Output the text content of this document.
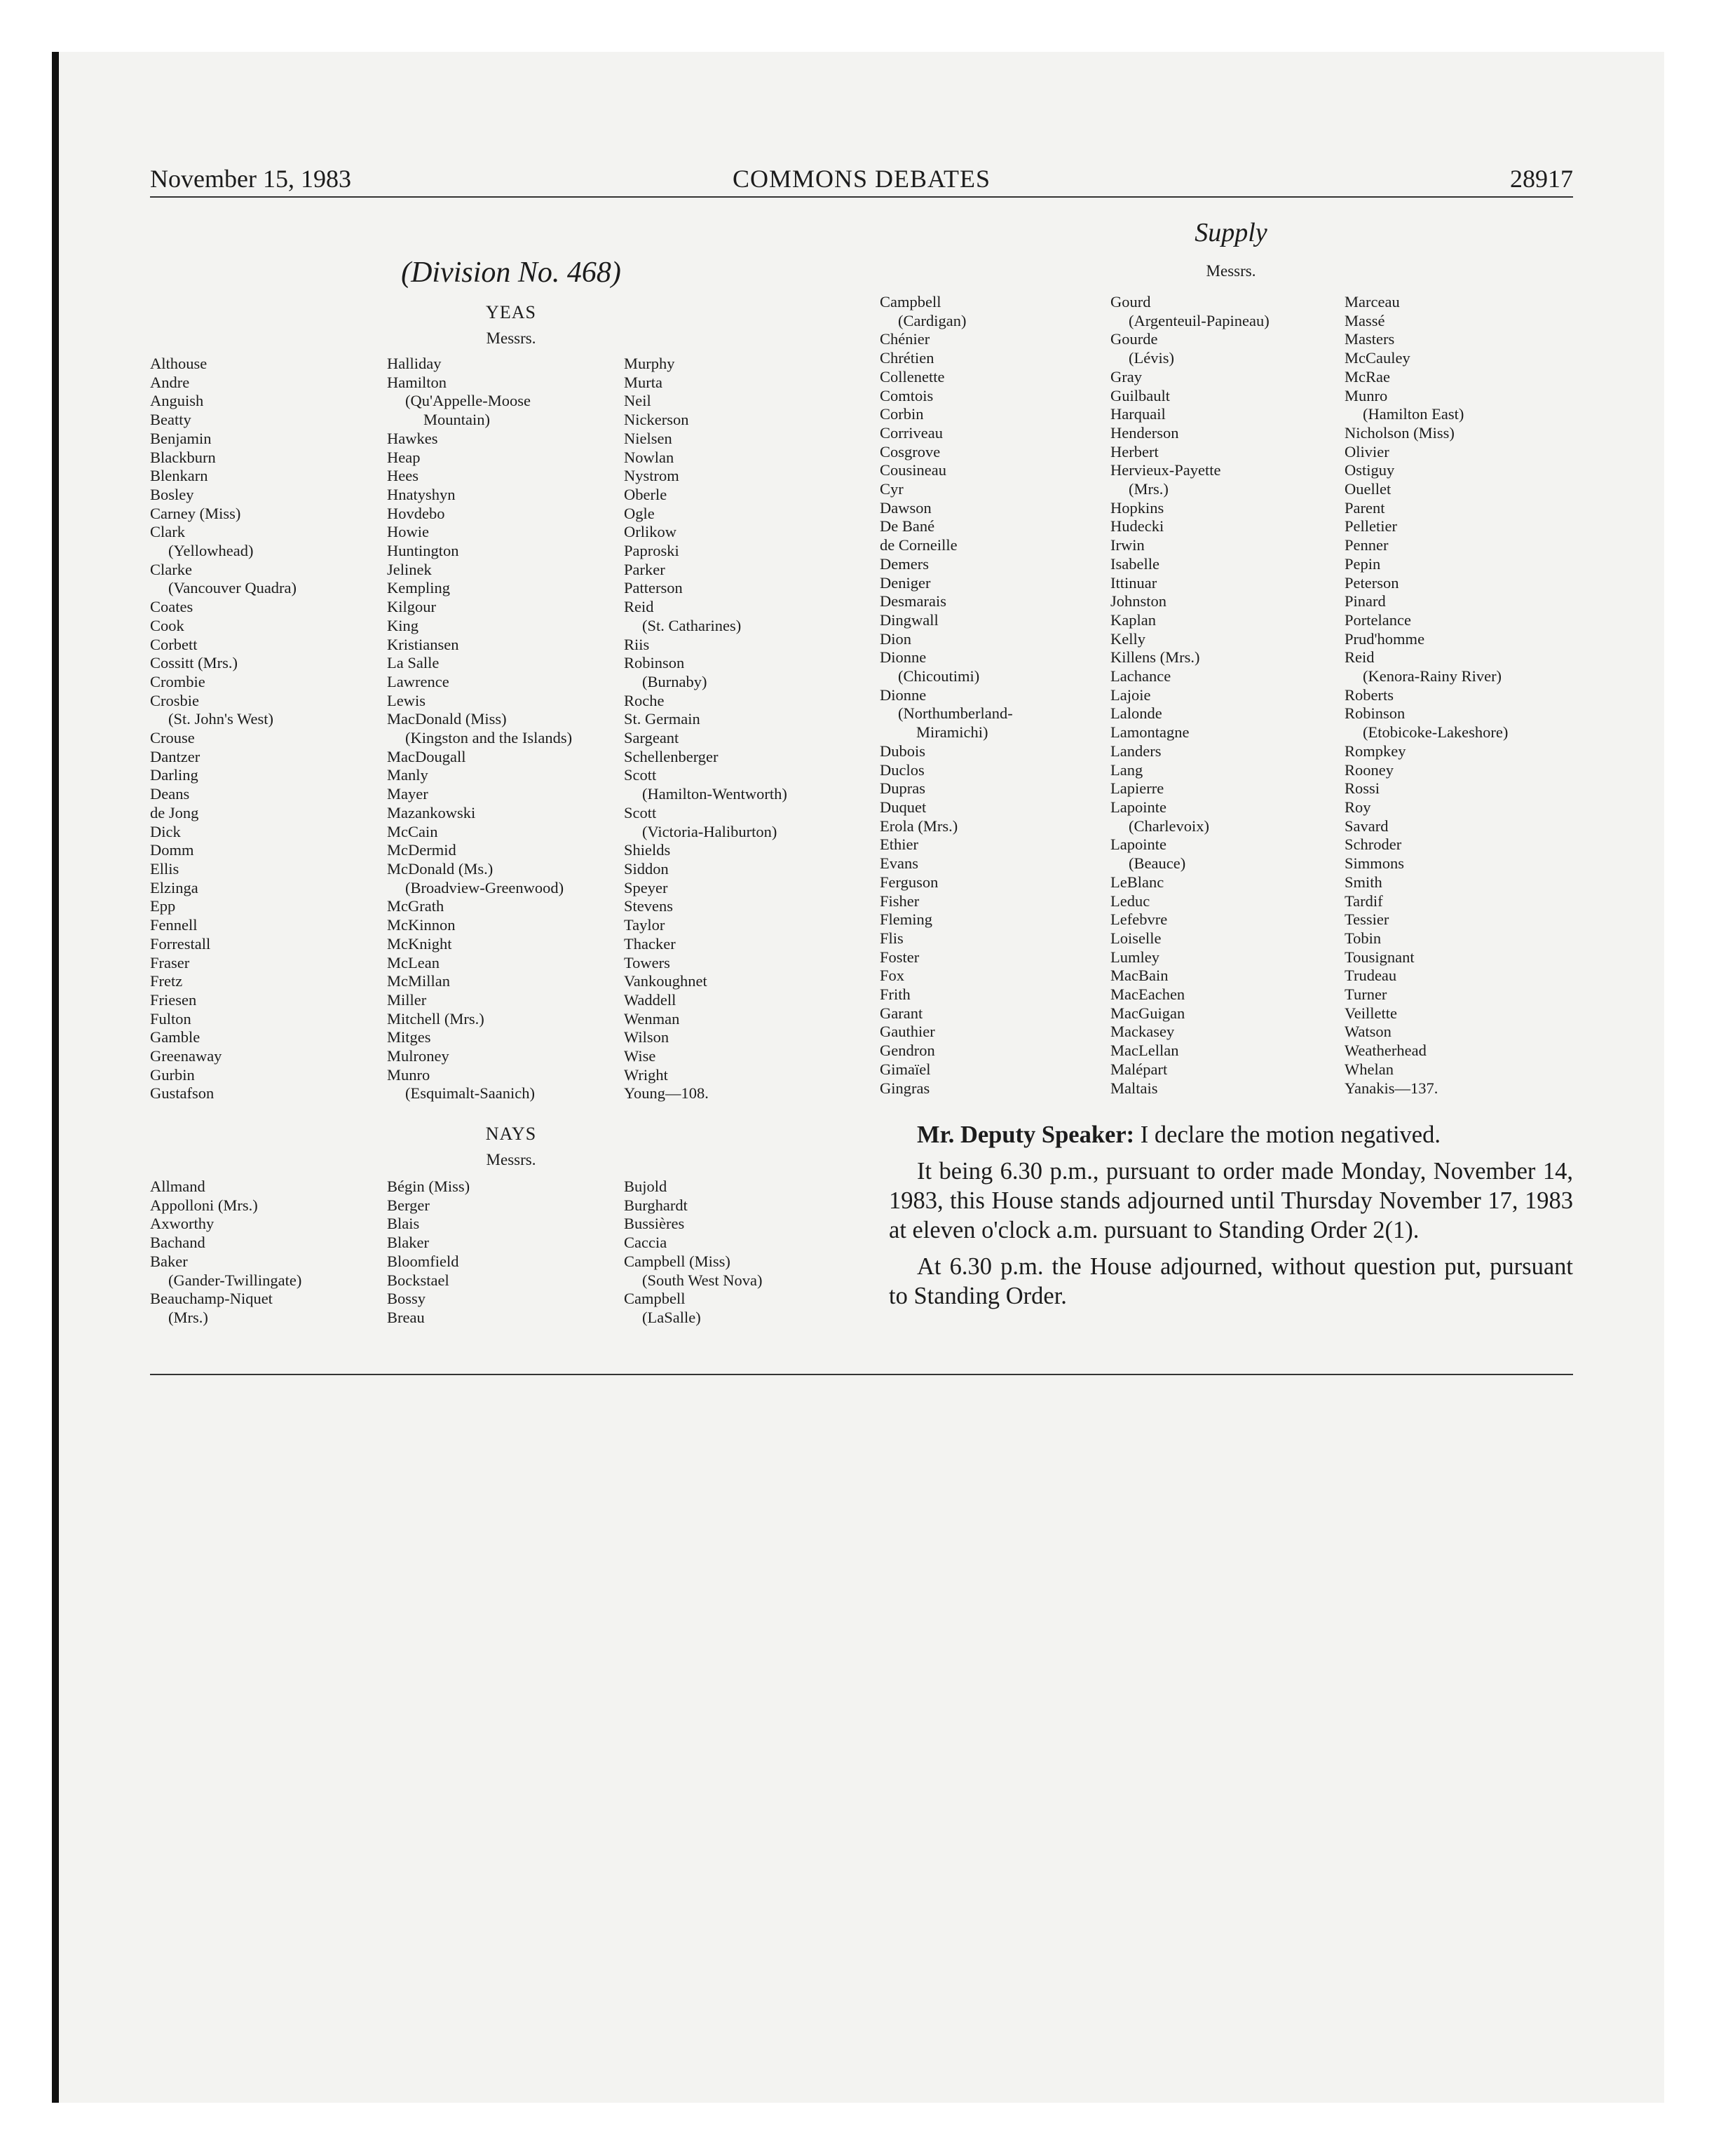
November 15, 1983	COMMONS DEBATES	28917
Supply
(Division No. 468)
YEAS
Messrs.
Messrs.
Althouse
Andre
Anguish
Beatty
Benjamin
Blackburn
Blenkarn
Bosley
Carney (Miss)
Clark
(Yellowhead)
Clarke
(Vancouver Quadra)
Coates
Cook
Corbett
Cossitt (Mrs.)
Crombie
Crosbie
(St. John's West)
Crouse
Dantzer
Darling
Deans
de Jong
Dick
Domm
Ellis
Elzinga
Epp
Fennell
Forrestall
Fraser
Fretz
Friesen
Fulton
Gamble
Greenaway
Gurbin
Gustafson
Halliday
Hamilton
(Qu'Appelle-Moose
Mountain)
Hawkes
Heap
Hees
Hnatyshyn
Hovdebo
Howie
Huntington
Jelinek
Kempling
Kilgour
King
Kristiansen
La Salle
Lawrence
Lewis
MacDonald (Miss)
(Kingston and the Islands)
MacDougall
Manly
Mayer
Mazankowski
McCain
McDermid
McDonald (Ms.)
(Broadview-Greenwood)
McGrath
McKinnon
McKnight
McLean
McMillan
Miller
Mitchell (Mrs.)
Mitges
Mulroney
Munro
(Esquimalt-Saanich)
Murphy
Murta
Neil
Nickerson
Nielsen
Nowlan
Nystrom
Oberle
Ogle
Orlikow
Paproski
Parker
Patterson
Reid
(St. Catharines)
Riis
Robinson
(Burnaby)
Roche
St. Germain
Sargeant
Schellenberger
Scott
(Hamilton-Wentworth)
Scott
(Victoria-Haliburton)
Shields
Siddon
Speyer
Stevens
Taylor
Thacker
Towers
Vankoughnet
Waddell
Wenman
Wilson
Wise
Wright
Young—108.
NAYS
Messrs.
Allmand
Appolloni (Mrs.)
Axworthy
Bachand
Baker
(Gander-Twillingate)
Beauchamp-Niquet
(Mrs.)
Bégin (Miss)
Berger
Blais
Blaker
Bloomfield
Bockstael
Bossy
Breau
Bujold
Burghardt
Bussières
Caccia
Campbell (Miss)
(South West Nova)
Campbell
(LaSalle)
Campbell
(Cardigan)
Chénier
Chrétien
Collenette
Comtois
Corbin
Corriveau
Cosgrove
Cousineau
Cyr
Dawson
De Bané
de Corneille
Demers
Deniger
Desmarais
Dingwall
Dion
Dionne
(Chicoutimi)
Dionne
(Northumberland-
Miramichi)
Dubois
Duclos
Dupras
Duquet
Erola (Mrs.)
Ethier
Evans
Ferguson
Fisher
Fleming
Flis
Foster
Fox
Frith
Garant
Gauthier
Gendron
Gimaïel
Gingras
Gourd
(Argenteuil-Papineau)
Gourde
(Lévis)
Gray
Guilbault
Harquail
Henderson
Herbert
Hervieux-Payette
(Mrs.)
Hopkins
Hudecki
Irwin
Isabelle
Ittinuar
Johnston
Kaplan
Kelly
Killens (Mrs.)
Lachance
Lajoie
Lalonde
Lamontagne
Landers
Lang
Lapierre
Lapointe
(Charlevoix)
Lapointe
(Beauce)
LeBlanc
Leduc
Lefebvre
Loiselle
Lumley
MacBain
MacEachen
MacGuigan
Mackasey
MacLellan
Malépart
Maltais
Marceau
Massé
Masters
McCauley
McRae
Munro
(Hamilton East)
Nicholson (Miss)
Olivier
Ostiguy
Ouellet
Parent
Pelletier
Penner
Pepin
Peterson
Pinard
Portelance
Prud'homme
Reid
(Kenora-Rainy River)
Roberts
Robinson
(Etobicoke-Lakeshore)
Rompkey
Rooney
Rossi
Roy
Savard
Schroder
Simmons
Smith
Tardif
Tessier
Tobin
Tousignant
Trudeau
Turner
Veillette
Watson
Weatherhead
Whelan
Yanakis—137.

Mr. Deputy Speaker: I declare the motion negatived.

It being 6.30 p.m., pursuant to order made Monday, November 14, 1983, this House stands adjourned until Thursday November 17, 1983 at eleven o'clock a.m. pursuant to Standing Order 2(1).

At 6.30 p.m. the House adjourned, without question put, pursuant to Standing Order.
